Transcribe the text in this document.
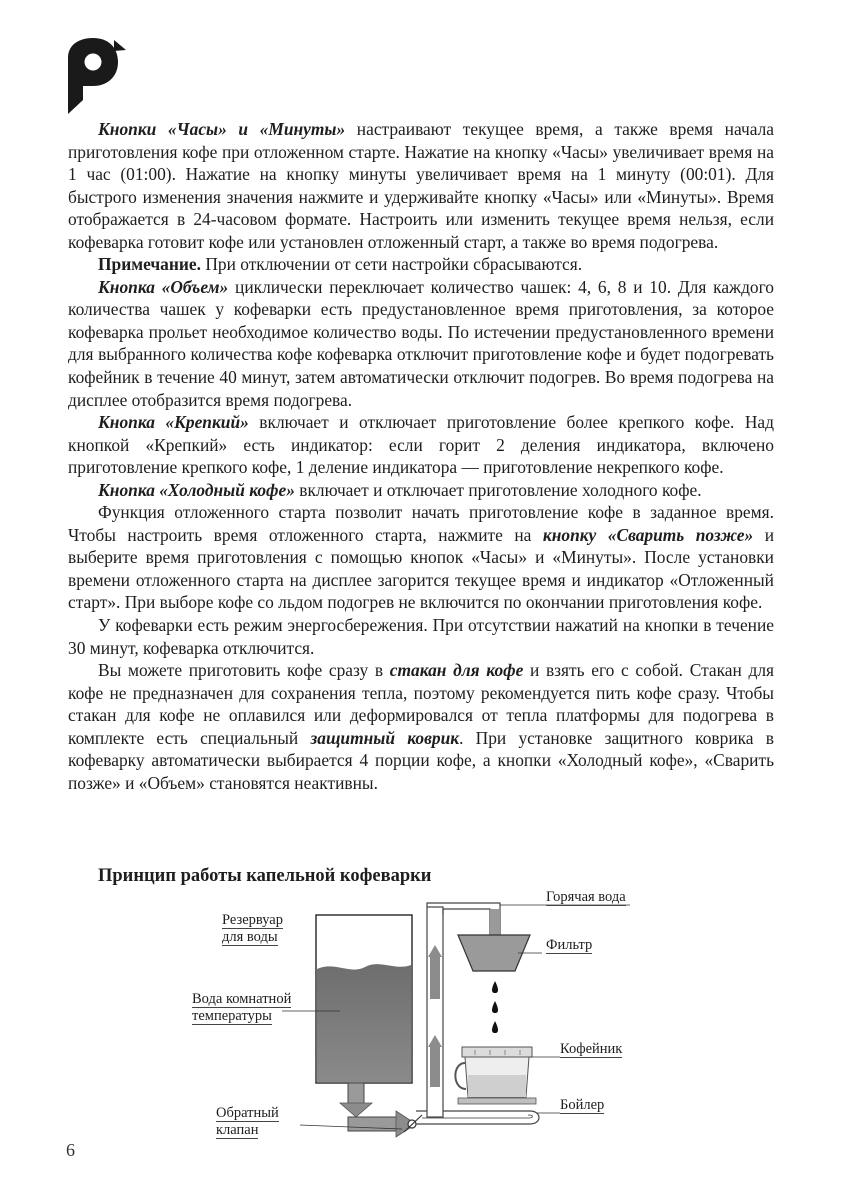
Кнопки «Часы» и «Минуты» настраивают текущее время, а также время начала приготовления кофе при отложенном старте. Нажатие на кнопку «Часы» увеличивает время на 1 час (01:00). Нажатие на кнопку минуты увеличивает время на 1 минуту (00:01). Для быстрого изменения значения нажмите и удерживайте кнопку «Часы» или «Минуты». Время отображается в 24-часовом формате. Настроить или изменить текущее время нельзя, если кофеварка готовит кофе или установлен отложенный старт, а также во время подогрева.

Примечание. При отключении от сети настройки сбрасываются.

Кнопка «Объем» циклически переключает количество чашек: 4, 6, 8 и 10. Для каждого количества чашек у кофеварки есть предустановленное время приготовления, за которое кофеварка прольет необходимое количество воды. По истечении предустановленного времени для выбранного количества кофе кофеварка отключит приготовление кофе и будет подогревать кофейник в течение 40 минут, затем автоматически отключит подогрев. Во время подогрева на дисплее отобразится время подогрева.

Кнопка «Крепкий» включает и отключает приготовление более крепкого кофе. Над кнопкой «Крепкий» есть индикатор: если горит 2 деления индикатора, включено приготовление крепкого кофе, 1 деление индикатора — приготовление некрепкого кофе.

Кнопка «Холодный кофе» включает и отключает приготовление холодного кофе.

Функция отложенного старта позволит начать приготовление кофе в заданное время. Чтобы настроить время отложенного старта, нажмите на кнопку «Сварить позже» и выберите время приготовления с помощью кнопок «Часы» и «Минуты». После установки времени отложенного старта на дисплее загорится текущее время и индикатор «Отложенный старт». При выборе кофе со льдом подогрев не включится по окончании приготовления кофе.

У кофеварки есть режим энергосбережения. При отсутствии нажатий на кнопки в течение 30 минут, кофеварка отключится.

Вы можете приготовить кофе сразу в стакан для кофе и взять его с собой. Стакан для кофе не предназначен для сохранения тепла, поэтому рекомендуется пить кофе сразу. Чтобы стакан для кофе не оплавился или деформировался от тепла платформы для подогрева в комплекте есть специальный защитный коврик. При установке защитного коврика в кофеварку автоматически выбирается 4 порции кофе, а кнопки «Холодный кофе», «Сварить позже» и «Объем» становятся неактивны.

Принцип работы капельной кофеварки
Резервуар
для воды
Вода комнатной
температуры
Обратный
клапан
Горячая вода
Фильтр
Кофейник
Бойлер
6
